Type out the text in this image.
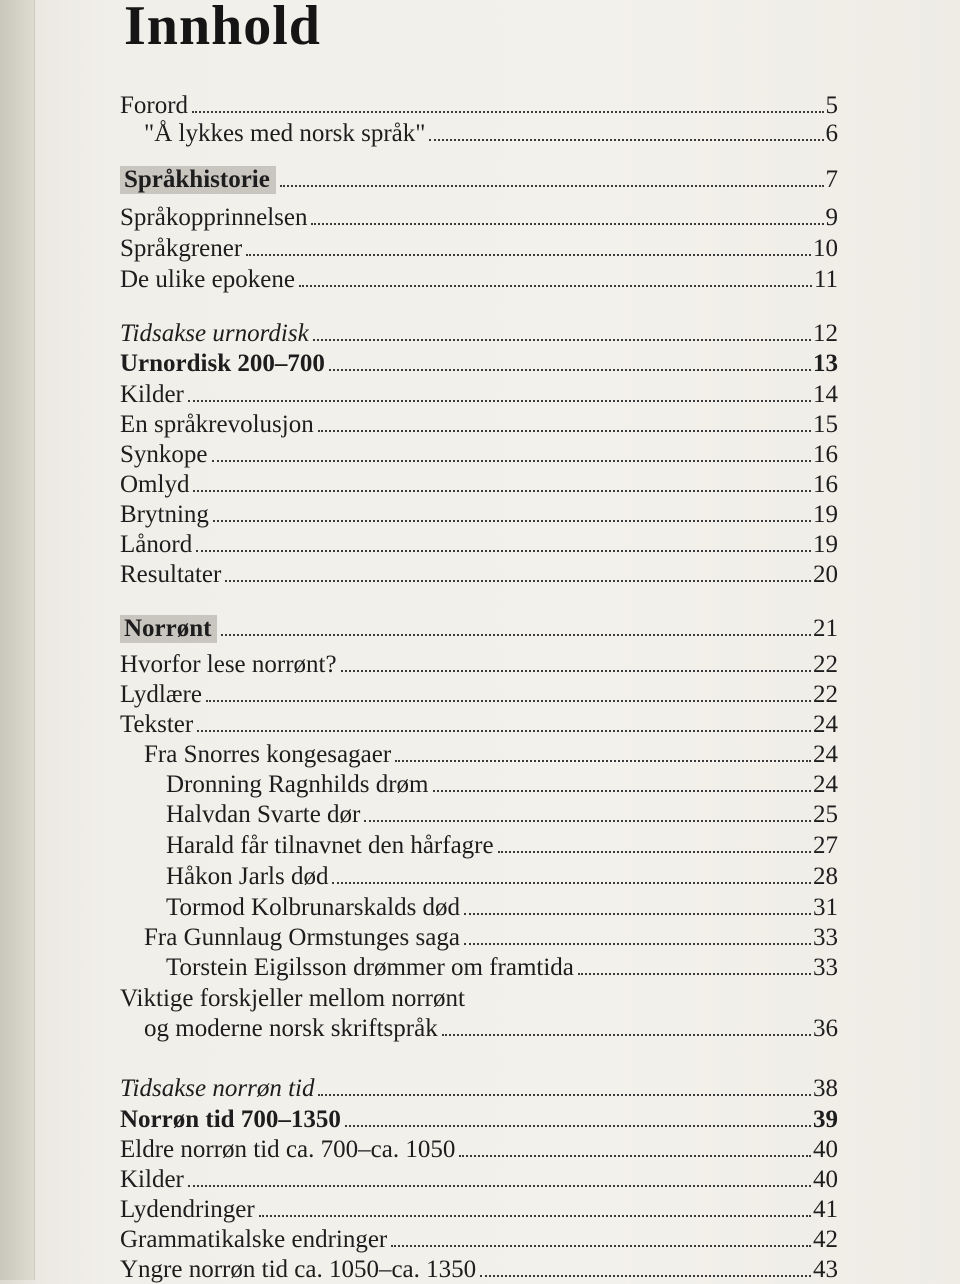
Innhold
Forord	5
"Å lykkes med norsk språk"	6
Språkhistorie	7
Språkopprinnelsen	9
Språkgrener	10
De ulike epokene	11
Tidsakse urnordisk	12
Urnordisk 200–700	13
Kilder	14
En språkrevolusjon	15
Synkope	16
Omlyd	16
Brytning	19
Lånord	19
Resultater	20
Norrønt	21
Hvorfor lese norrønt?	22
Lydlære	22
Tekster	24
Fra Snorres kongesagaer	24
Dronning Ragnhilds drøm	24
Halvdan Svarte dør	25
Harald får tilnavnet den hårfagre	27
Håkon Jarls død	28
Tormod Kolbrunarskalds død	31
Fra Gunnlaug Ormstunges saga	33
Torstein Eigilsson drømmer om framtida	33
Viktige forskjeller mellom norrønt
og moderne norsk skriftspråk	36
Tidsakse norrøn tid	38
Norrøn tid 700–1350	39
Eldre norrøn tid ca. 700–ca. 1050	40
Kilder	40
Lydendringer	41
Grammatikalske endringer	42
Yngre norrøn tid ca. 1050–ca. 1350	43
